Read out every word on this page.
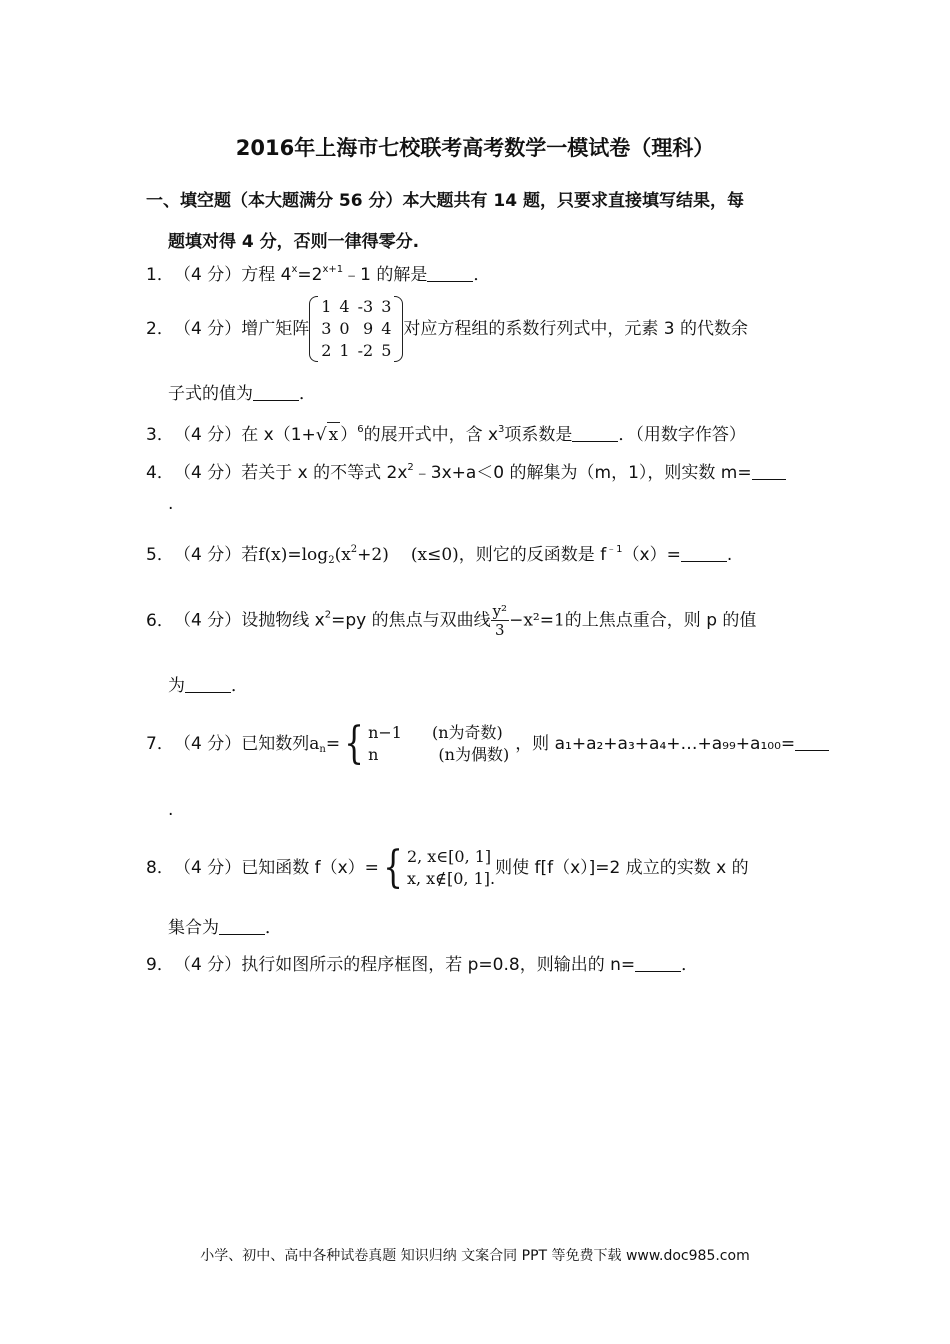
2016年上海市七校联考高考数学一模试卷（理科）
一、填空题（本大题满分 56 分）本大题共有 14 题，只要求直接填写结果，每
题填对得 4 分，否则一律得零分.
1．（4 分）方程 $4^x=2^{x+1}﹣1$ 的解是	．
2．（4 分）增广矩阵
1	4	-3	3
3	0	9	4
2	1	-2	5
对应方程组的系数行列式中，元素 3 的代数余
子式的值为	．
3．（4 分）在 x（1+√ x ）$^6$的展开式中，含 $x^3$项系数是	．（用数字作答）
4．（4 分）若关于 x 的不等式 $2x^2﹣3x+a<0$ 的解集为（m，1），则实数 m=
.
5．（4 分）若$f(x)=\log_2(x^2+2)$ (x≤0)，则它的反函数是 $f^{﹣1}(x)=$	.
6．（4 分）设抛物线 $x^2=py$ 的焦点与双曲线 $\frac{\text{y²}}{3} -x^2=1$的上焦点重合，则 p 的值
为	．
7．（4 分）已知数列$a_n=${ n−1 (n为奇数)
n	(n为偶数)，则 a₁+a₂+a₃+a₄+…+a₉₉+a₁₀₀=
.
8．（4 分）已知函数 f（x）={ 2, x∈[0, 1]
x, x∉[0, 1].则使 f[f（x）]=2 成立的实数 x 的
集合为	．
9．（4 分）执行如图所示的程序框图，若 p=0.8，则输出的 n=	．
小学、初中、高中各种试卷真题 知识归纳 文案合同 PPT 等免费下载 www.doc985.com
